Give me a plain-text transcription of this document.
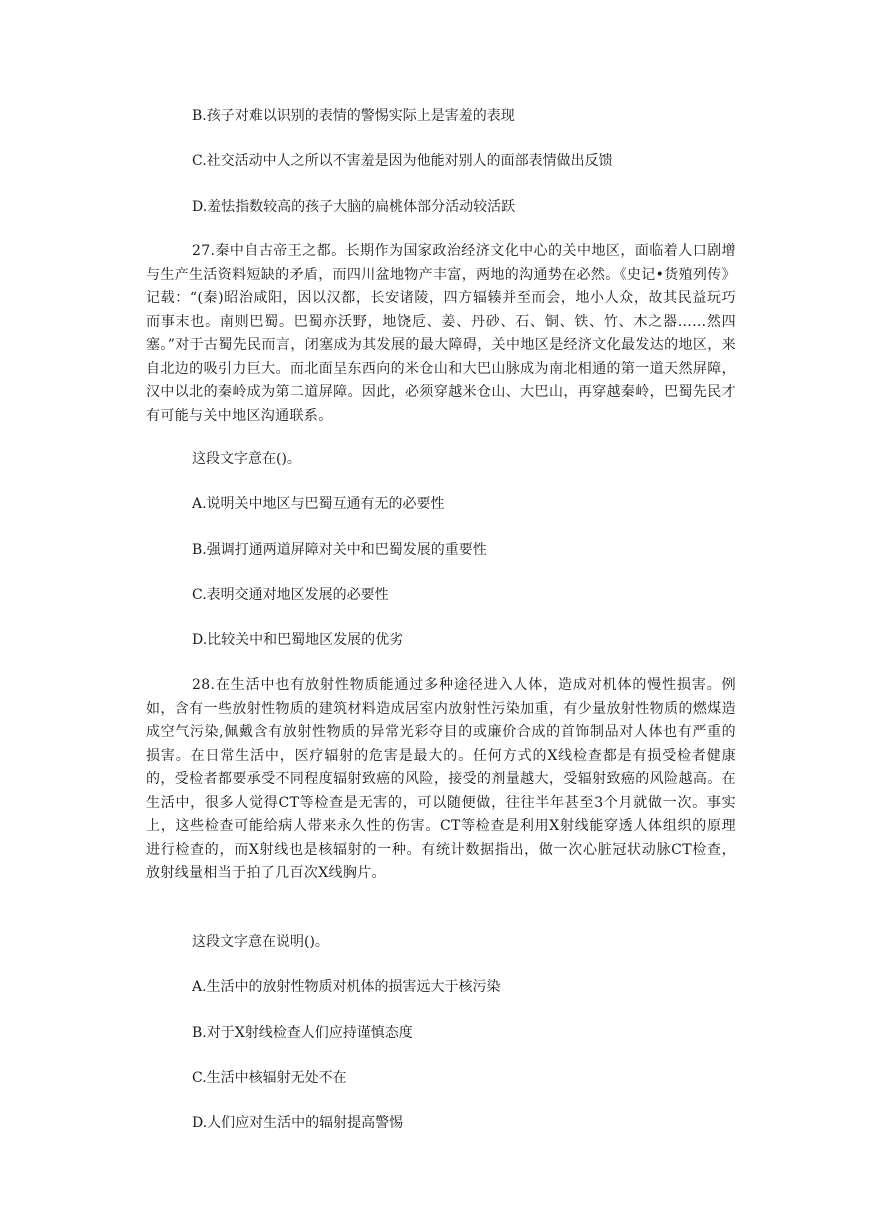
B.孩子对难以识别的表情的警惕实际上是害羞的表现

C.社交活动中人之所以不害羞是因为他能对别人的面部表情做出反馈

D.羞怯指数较高的孩子大脑的扁桃体部分活动较活跃

27.秦中自古帝王之都。长期作为国家政治经济文化中心的关中地区，面临着人口剧增与生产生活资料短缺的矛盾，而四川盆地物产丰富，两地的沟通势在必然。《史记•货殖列传》记载：“(秦)昭治咸阳，因以汉都，长安诸陵，四方辐辏并至而会，地小人众，故其民益玩巧而事末也。南则巴蜀。巴蜀亦沃野，地饶卮、姜、丹砂、石、铜、铁、竹、木之器……然四塞。”对于古蜀先民而言，闭塞成为其发展的最大障碍，关中地区是经济文化最发达的地区，来自北边的吸引力巨大。而北面呈东西向的米仓山和大巴山脉成为南北相通的第一道天然屏障，汉中以北的秦岭成为第二道屏障。因此，必须穿越米仓山、大巴山，再穿越秦岭，巴蜀先民才有可能与关中地区沟通联系。

这段文字意在()。

A.说明关中地区与巴蜀互通有无的必要性

B.强调打通两道屏障对关中和巴蜀发展的重要性

C.表明交通对地区发展的必要性

D.比较关中和巴蜀地区发展的优劣

28.在生活中也有放射性物质能通过多种途径进入人体，造成对机体的慢性损害。例如，含有一些放射性物质的建筑材料造成居室内放射性污染加重，有少量放射性物质的燃煤造成空气污染,佩戴含有放射性物质的异常光彩夺目的或廉价合成的首饰制品对人体也有严重的损害。在日常生活中，医疗辐射的危害是最大的。任何方式的X线检查都是有损受检者健康的，受检者都要承受不同程度辐射致癌的风险，接受的剂量越大，受辐射致癌的风险越高。在生活中，很多人觉得CT等检查是无害的，可以随便做，往往半年甚至3个月就做一次。事实上，这些检查可能给病人带来永久性的伤害。CT等检查是利用X射线能穿透人体组织的原理进行检查的，而X射线也是核辐射的一种。有统计数据指出，做一次心脏冠状动脉CT检查，放射线量相当于拍了几百次X线胸片。

这段文字意在说明()。

A.生活中的放射性物质对机体的损害远大于核污染

B.对于X射线检查人们应持谨慎态度

C.生活中核辐射无处不在

D.人们应对生活中的辐射提高警惕
